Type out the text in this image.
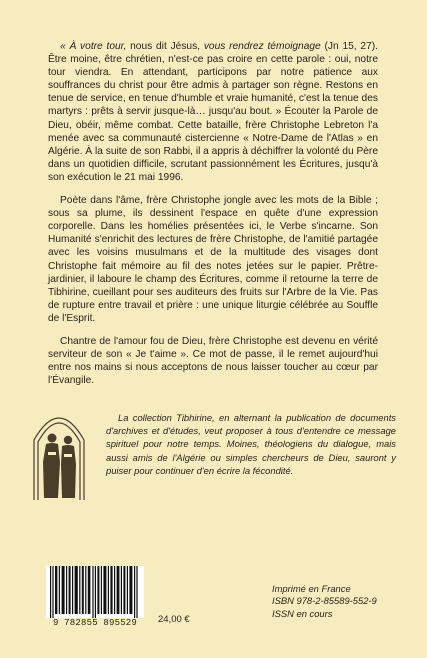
« À votre tour, nous dit Jésus, vous rendrez témoignage (Jn 15, 27). Être moine, être chrétien, n'est-ce pas croire en cette parole : oui, notre tour viendra. En attendant, participons par notre patience aux souffrances du christ pour être admis à partager son règne. Restons en tenue de service, en tenue d'humble et vraie humanité, c'est la tenue des martyrs : prêts à servir jusque-là… jusqu'au bout. » Écouter la Parole de Dieu, obéir, même combat. Cette bataille, frère Christophe Lebreton l'a menée avec sa communauté cistercienne « Notre-Dame de l'Atlas » en Algérie. À la suite de son Rabbi, il a appris à déchiffrer la volonté du Père dans un quotidien difficile, scrutant passionnément les Écritures, jusqu'à son exécution le 21 mai 1996.

Poète dans l'âme, frère Christophe jongle avec les mots de la Bible ; sous sa plume, ils dessinent l'espace en quête d'une expression corporelle. Dans les homélies présentées ici, le Verbe s'incarne. Son Humanité s'enrichit des lectures de frère Christophe, de l'amitié partagée avec les voisins musulmans et de la multitude des visages dont Christophe fait mémoire au fil des notes jetées sur le papier. Prêtre-jardinier, il laboure le champ des Écritures, comme il retourne la terre de Tibhirine, cueillant pour ses auditeurs des fruits sur l'Arbre de la Vie. Pas de rupture entre travail et prière : une unique liturgie célébrée au Souffle de l'Esprit.

Chantre de l'amour fou de Dieu, frère Christophe est devenu en vérité serviteur de son « Je t'aime ». Ce mot de passe, il le remet aujourd'hui entre nos mains si nous acceptons de nous laisser toucher au cœur par l'Évangile.

La collection Tibhirine, en alternant la publication de documents d'archives et d'études, veut proposer à tous d'entendre ce message spirituel pour notre temps. Moines, théologiens du dialogue, mais aussi amis de l'Algérie ou simples chercheurs de Dieu, sauront y puiser pour continuer d'en écrire la fécondité.
9 782855 895529	24,00 €
Imprimé en France
ISBN 978-2-85589-552-9
ISSN en cours
